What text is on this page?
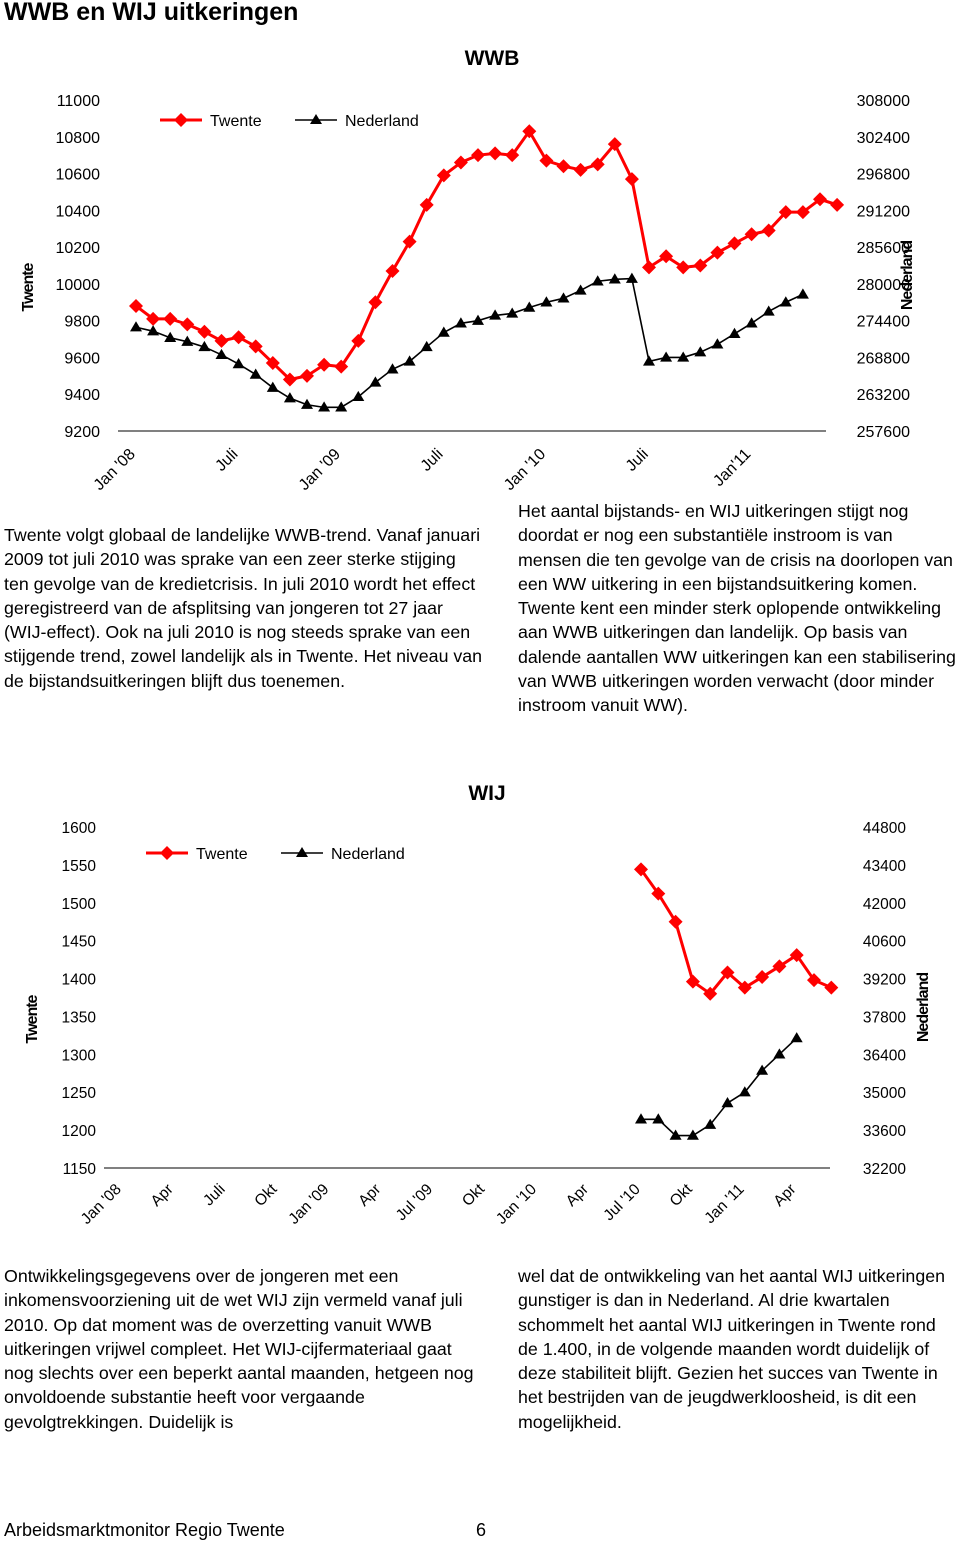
WWB en WIJ uitkeringen
WWB
9200
9400
9600
9800
10000
10200
10400
10600
10800
11000
257600
263200
268800
274400
280000
285600
291200
296800
302400
308000
Twente	Nederland
Jan '08	Juli	Jan '09	Juli	Jan '10	Juli	Jan'11
Twente	Nederland

Twente volgt globaal de landelijke WWB-trend. Vanaf januari 2009 tot juli 2010 was sprake van een zeer sterke stijging ten gevolge van de kredietcrisis. In juli 2010 wordt het effect geregistreerd van de afsplitsing van jongeren tot 27 jaar (WIJ-effect). Ook na juli 2010 is nog steeds sprake van een stijgende trend, zowel landelijk als in Twente. Het niveau van de bijstandsuitkeringen blijft dus toenemen.

Het aantal bijstands- en WIJ uitkeringen stijgt nog doordat er nog een substantiële instroom is van mensen die ten gevolge van de crisis na doorlopen van een WW uitkering in een bijstandsuitkering komen. Twente kent een minder sterk oplopende ontwikkeling aan WWB uitkeringen dan landelijk. Op basis van dalende aantallen WW uitkeringen kan een stabilisering van WWB uitkeringen worden verwacht (door minder instroom vanuit WW).

WIJ
1150
1200
1250
1300
1350
1400
1450
1500
1550
1600
32200
33600
35000
36400
37800
39200
40600
42000
43400
44800
Twente	Nederland
Jan '08 Apr Juli Okt Jan '09 Apr Jul '09 Okt Jan '10 Apr Jul '10 Okt Jan '11 Apr
Twente	Nederland

Ontwikkelingsgegevens over de jongeren met een inkomensvoorziening uit de wet WIJ zijn vermeld vanaf juli 2010. Op dat moment was de overzetting vanuit WWB uitkeringen vrijwel compleet. Het WIJ-cijfermateriaal gaat nog slechts over een beperkt aantal maanden, hetgeen nog onvoldoende substantie heeft voor vergaande gevolgtrekkingen. Duidelijk is

wel dat de ontwikkeling van het aantal WIJ uitkeringen gunstiger is dan in Nederland. Al drie kwartalen schommelt het aantal WIJ uitkeringen in Twente rond de 1.400, in de volgende maanden wordt duidelijk of deze stabiliteit blijft. Gezien het succes van Twente in het bestrijden van de jeugdwerkloosheid, is dit een mogelijkheid.

Arbeidsmarktmonitor Regio Twente	6
